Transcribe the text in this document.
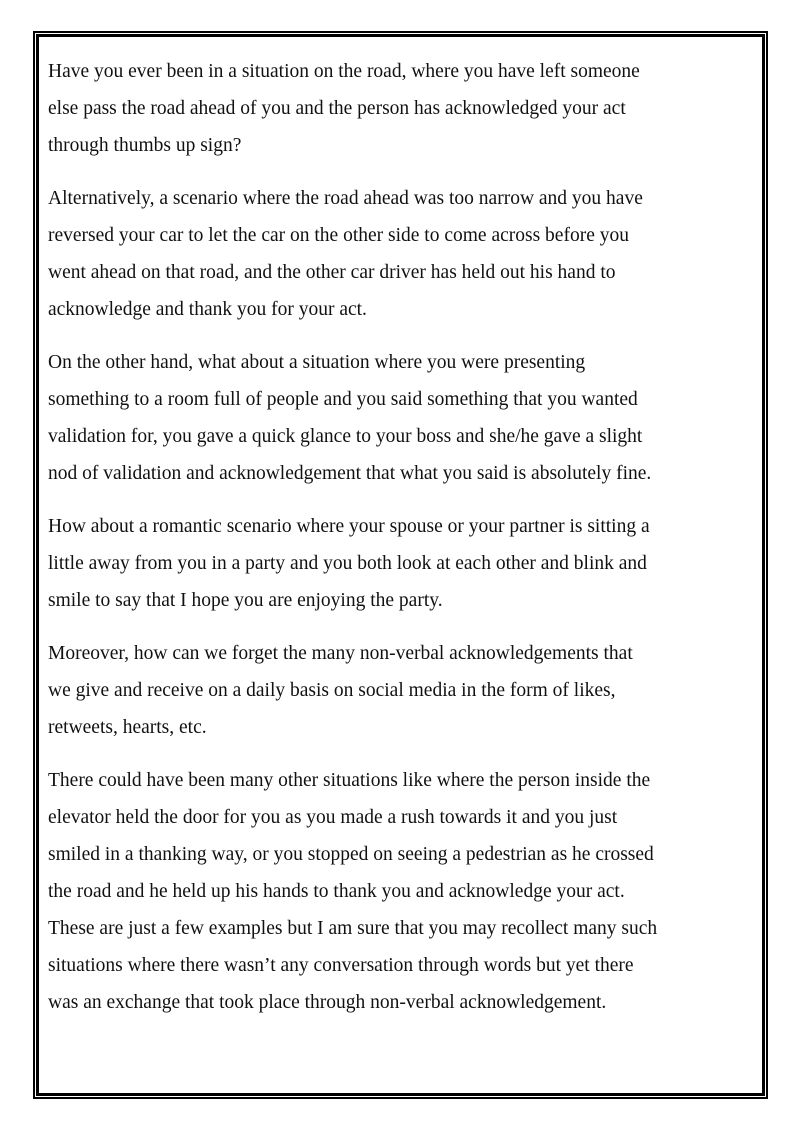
Have you ever been in a situation on the road, where you have left someone
else pass the road ahead of you and the person has acknowledged your act
through thumbs up sign?

Alternatively, a scenario where the road ahead was too narrow and you have
reversed your car to let the car on the other side to come across before you
went ahead on that road, and the other car driver has held out his hand to
acknowledge and thank you for your act.

On the other hand, what about a situation where you were presenting
something to a room full of people and you said something that you wanted
validation for, you gave a quick glance to your boss and she/he gave a slight
nod of validation and acknowledgement that what you said is absolutely fine.

How about a romantic scenario where your spouse or your partner is sitting a
little away from you in a party and you both look at each other and blink and
smile to say that I hope you are enjoying the party.

Moreover, how can we forget the many non-verbal acknowledgements that
we give and receive on a daily basis on social media in the form of likes,
retweets, hearts, etc.

There could have been many other situations like where the person inside the
elevator held the door for you as you made a rush towards it and you just
smiled in a thanking way, or you stopped on seeing a pedestrian as he crossed
the road and he held up his hands to thank you and acknowledge your act.
These are just a few examples but I am sure that you may recollect many such
situations where there wasn’t any conversation through words but yet there
was an exchange that took place through non-verbal acknowledgement.
